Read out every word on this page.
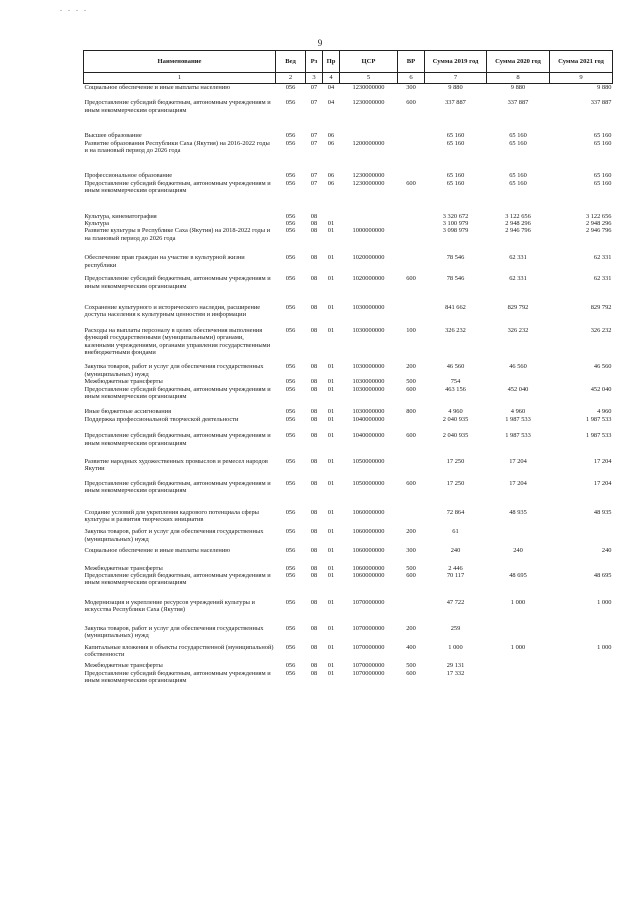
. . . .
9
Наименование	Вед	Рз	Пр	ЦСР	ВР	Сумма 2019 год	Сумма 2020 год	Сумма 2021 год
1	2	3	4	5	6	7	8	9
Социальное обеспечение и иные выплаты населению	056	07	04	1230000000	300	9 880	9 880	9 880

Предоставление субсидий бюджетным, автономным учреждениям и иным некоммерческим организациям	056	07	04	1230000000	600	337 887	337 887	337 887

Высшее образование	056	07	06			65 160	65 160	65 160
Развитие образования Республики Саха (Якутия) на 2016-2022 годы и на плановый период до 2026 года	056	07	06	1200000000		65 160	65 160	65 160

Профессиональное образование	056	07	06	1230000000		65 160	65 160	65 160
Предоставление субсидий бюджетным, автономным учреждениям и иным некоммерческим организациям	056	07	06	1230000000	600	65 160	65 160	65 160

Культура, кинематография	056	08				3 320 672	3 122 656	3 122 656
Культура	056	08	01			3 100 979	2 948 296	2 948 296
Развитие культуры в Республике Саха (Якутия) на 2018-2022 годы и на плановый период до 2026 года	056	08	01	1000000000		3 098 979	2 946 796	2 946 796

Обеспечение прав граждан на участие в культурной жизни республики	056	08	01	1020000000		78 546	62 331	62 331

Предоставление субсидий бюджетным, автономным учреждениям и иным некоммерческим организациям	056	08	01	1020000000	600	78 546	62 331	62 331

Сохранение культурного и исторического наследия, расширение доступа населения к культурным ценностям и информации	056	08	01	1030000000		841 662	829 792	829 792

Расходы на выплаты персоналу в целях обеспечения выполнения функций государственными (муниципальными) органами, казенными учреждениями, органами управления государственными внебюджетными фондами	056	08	01	1030000000	100	326 232	326 232	326 232

Закупка товаров, работ и услуг для обеспечения государственных (муниципальных) нужд	056	08	01	1030000000	200	46 560	46 560	46 560
Межбюджетные трансферты	056	08	01	1030000000	500	754		
Предоставление субсидий бюджетным, автономным учреждениям и иным некоммерческим организациям	056	08	01	1030000000	600	463 156	452 040	452 040

Иные бюджетные ассигнования	056	08	01	1030000000	800	4 960	4 960	4 960
Поддержка профессиональной творческой деятельности	056	08	01	1040000000		2 040 935	1 987 533	1 987 533

Предоставление субсидий бюджетным, автономным учреждениям и иным некоммерческим организациям	056	08	01	1040000000	600	2 040 935	1 987 533	1 987 533

Развитие народных художественных промыслов и ремесел народов Якутии	056	08	01	1050000000		17 250	17 204	17 204

Предоставление субсидий бюджетным, автономным учреждениям и иным некоммерческим организациям	056	08	01	1050000000	600	17 250	17 204	17 204

Создание условий для укрепления кадрового потенциала сферы культуры и развития творческих инициатив	056	08	01	1060000000		72 864	48 935	48 935

Закупка товаров, работ и услуг для обеспечения государственных (муниципальных) нужд	056	08	01	1060000000	200	61		

Социальное обеспечение и иные выплаты населению	056	08	01	1060000000	300	240	240	240

Межбюджетные трансферты	056	08	01	1060000000	500	2 446		
Предоставление субсидий бюджетным, автономным учреждениям и иным некоммерческим организациям	056	08	01	1060000000	600	70 117	48 695	48 695

Модернизация и укрепление ресурсов учреждений культуры и искусства Республики Саха (Якутия)	056	08	01	1070000000		47 722	1 000	1 000

Закупка товаров, работ и услуг для обеспечения государственных (муниципальных) нужд	056	08	01	1070000000	200	259		

Капитальные вложения в объекты государственной (муниципальной) собственности	056	08	01	1070000000	400	1 000	1 000	1 000

Межбюджетные трансферты	056	08	01	1070000000	500	29 131		
Предоставление субсидий бюджетным, автономным учреждениям и иным некоммерческим организациям	056	08	01	1070000000	600	17 332		
